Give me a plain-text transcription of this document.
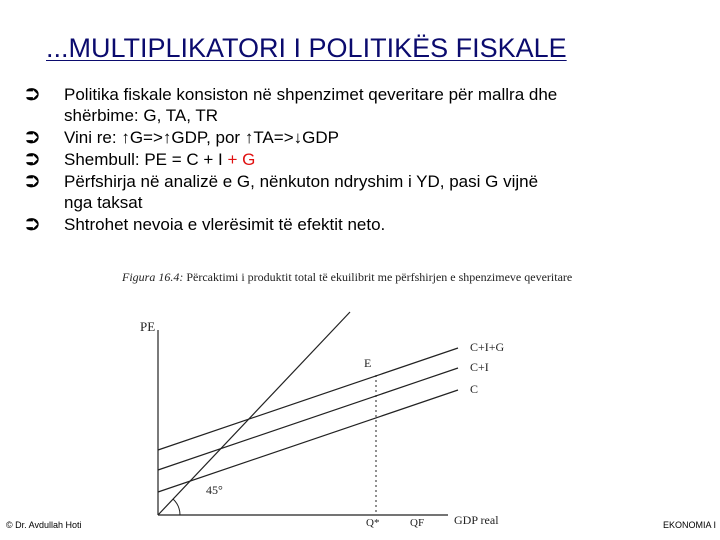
...MULTIPLIKATORI I POLITIKËS FISKALE
⮊ Politika fiskale konsiston në shpenzimet qeveritare për mallra dhe
shërbime: G, TA, TR
⮊ Vini re: ↑G=>↑GDP, por ↑TA=>↓GDP
⮊ Shembull: PE = C + I + G
⮊ Përfshirja në analizë e G, nënkuton ndryshim i YD, pasi G vijnë
nga taksat
⮊ Shtrohet nevoia e vlerësimit të efektit neto.
Figura 16.4: Përcaktimi i produktit total të ekuilibrit me përfshirjen e shpenzimeve qeveritare
PE
GDP real
45°
C+I+G
C+I
C
E
Q*	QF
© Dr. Avdullah Hoti	EKONOMIA I
